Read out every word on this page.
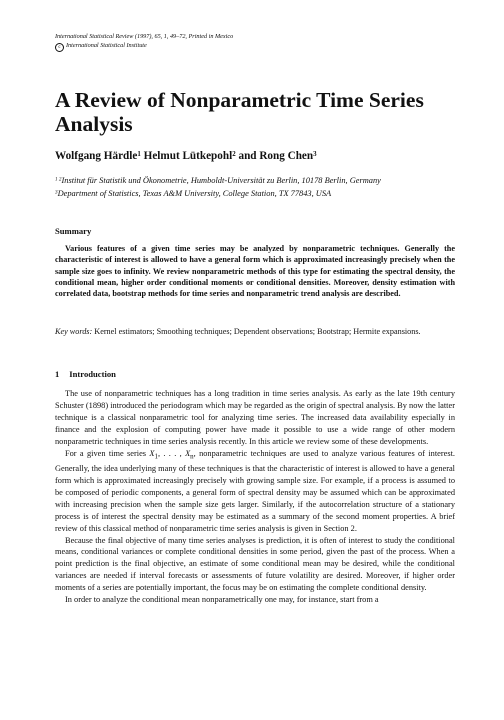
International Statistical Review (1997), 65, 1, 49–72, Printed in Mexico
c International Statistical Institute
A Review of Nonparametric Time Series Analysis
Wolfgang Härdle$^1$ Helmut Lütkepohl$^2$ and Rong Chen$^3$
$^{1 2}$Institut für Statistik und Ökonometrie, Humboldt-Universität zu Berlin, 10178 Berlin, Germany
$^3$Department of Statistics, Texas A&M University, College Station, TX 77843, USA
Summary

Various features of a given time series may be analyzed by nonparametric techniques. Generally the characteristic of interest is allowed to have a general form which is approximated increasingly precisely when the sample size goes to infinity. We review nonparametric methods of this type for estimating the spectral density, the conditional mean, higher order conditional moments or conditional densities. Moreover, density estimation with correlated data, bootstrap methods for time series and nonparametric trend analysis are described.

Key words: Kernel estimators; Smoothing techniques; Dependent observations; Bootstrap; Hermite expansions.

1 Introduction

The use of nonparametric techniques has a long tradition in time series analysis. As early as the late 19th century Schuster (1898) introduced the periodogram which may be regarded as the origin of spectral analysis. By now the latter technique is a classical nonparametric tool for analyzing time series. The increased data availability especially in finance and the explosion of computing power have made it possible to use a wide range of other modern nonparametric techniques in time series analysis recently. In this article we review some of these developments.

For a given time series $X_1$, . . . , $X_n$, nonparametric techniques are used to analyze various features of interest. Generally, the idea underlying many of these techniques is that the characteristic of interest is allowed to have a general form which is approximated increasingly precisely with growing sample size. For example, if a process is assumed to be composed of periodic components, a general form of spectral density may be assumed which can be approximated with increasing precision when the sample size gets larger. Similarly, if the autocorrelation structure of a stationary process is of interest the spectral density may be estimated as a summary of the second moment properties. A brief review of this classical method of nonparametric time series analysis is given in Section 2.

Because the final objective of many time series analyses is prediction, it is often of interest to study the conditional means, conditional variances or complete conditional densities in some period, given the past of the process. When a point prediction is the final objective, an estimate of some conditional mean may be desired, while the conditional variances are needed if interval forecasts or assessments of future volatility are desired. Moreover, if higher order moments of a series are potentially important, the focus may be on estimating the complete conditional density.

In order to analyze the conditional mean nonparametrically one may, for instance, start from a
